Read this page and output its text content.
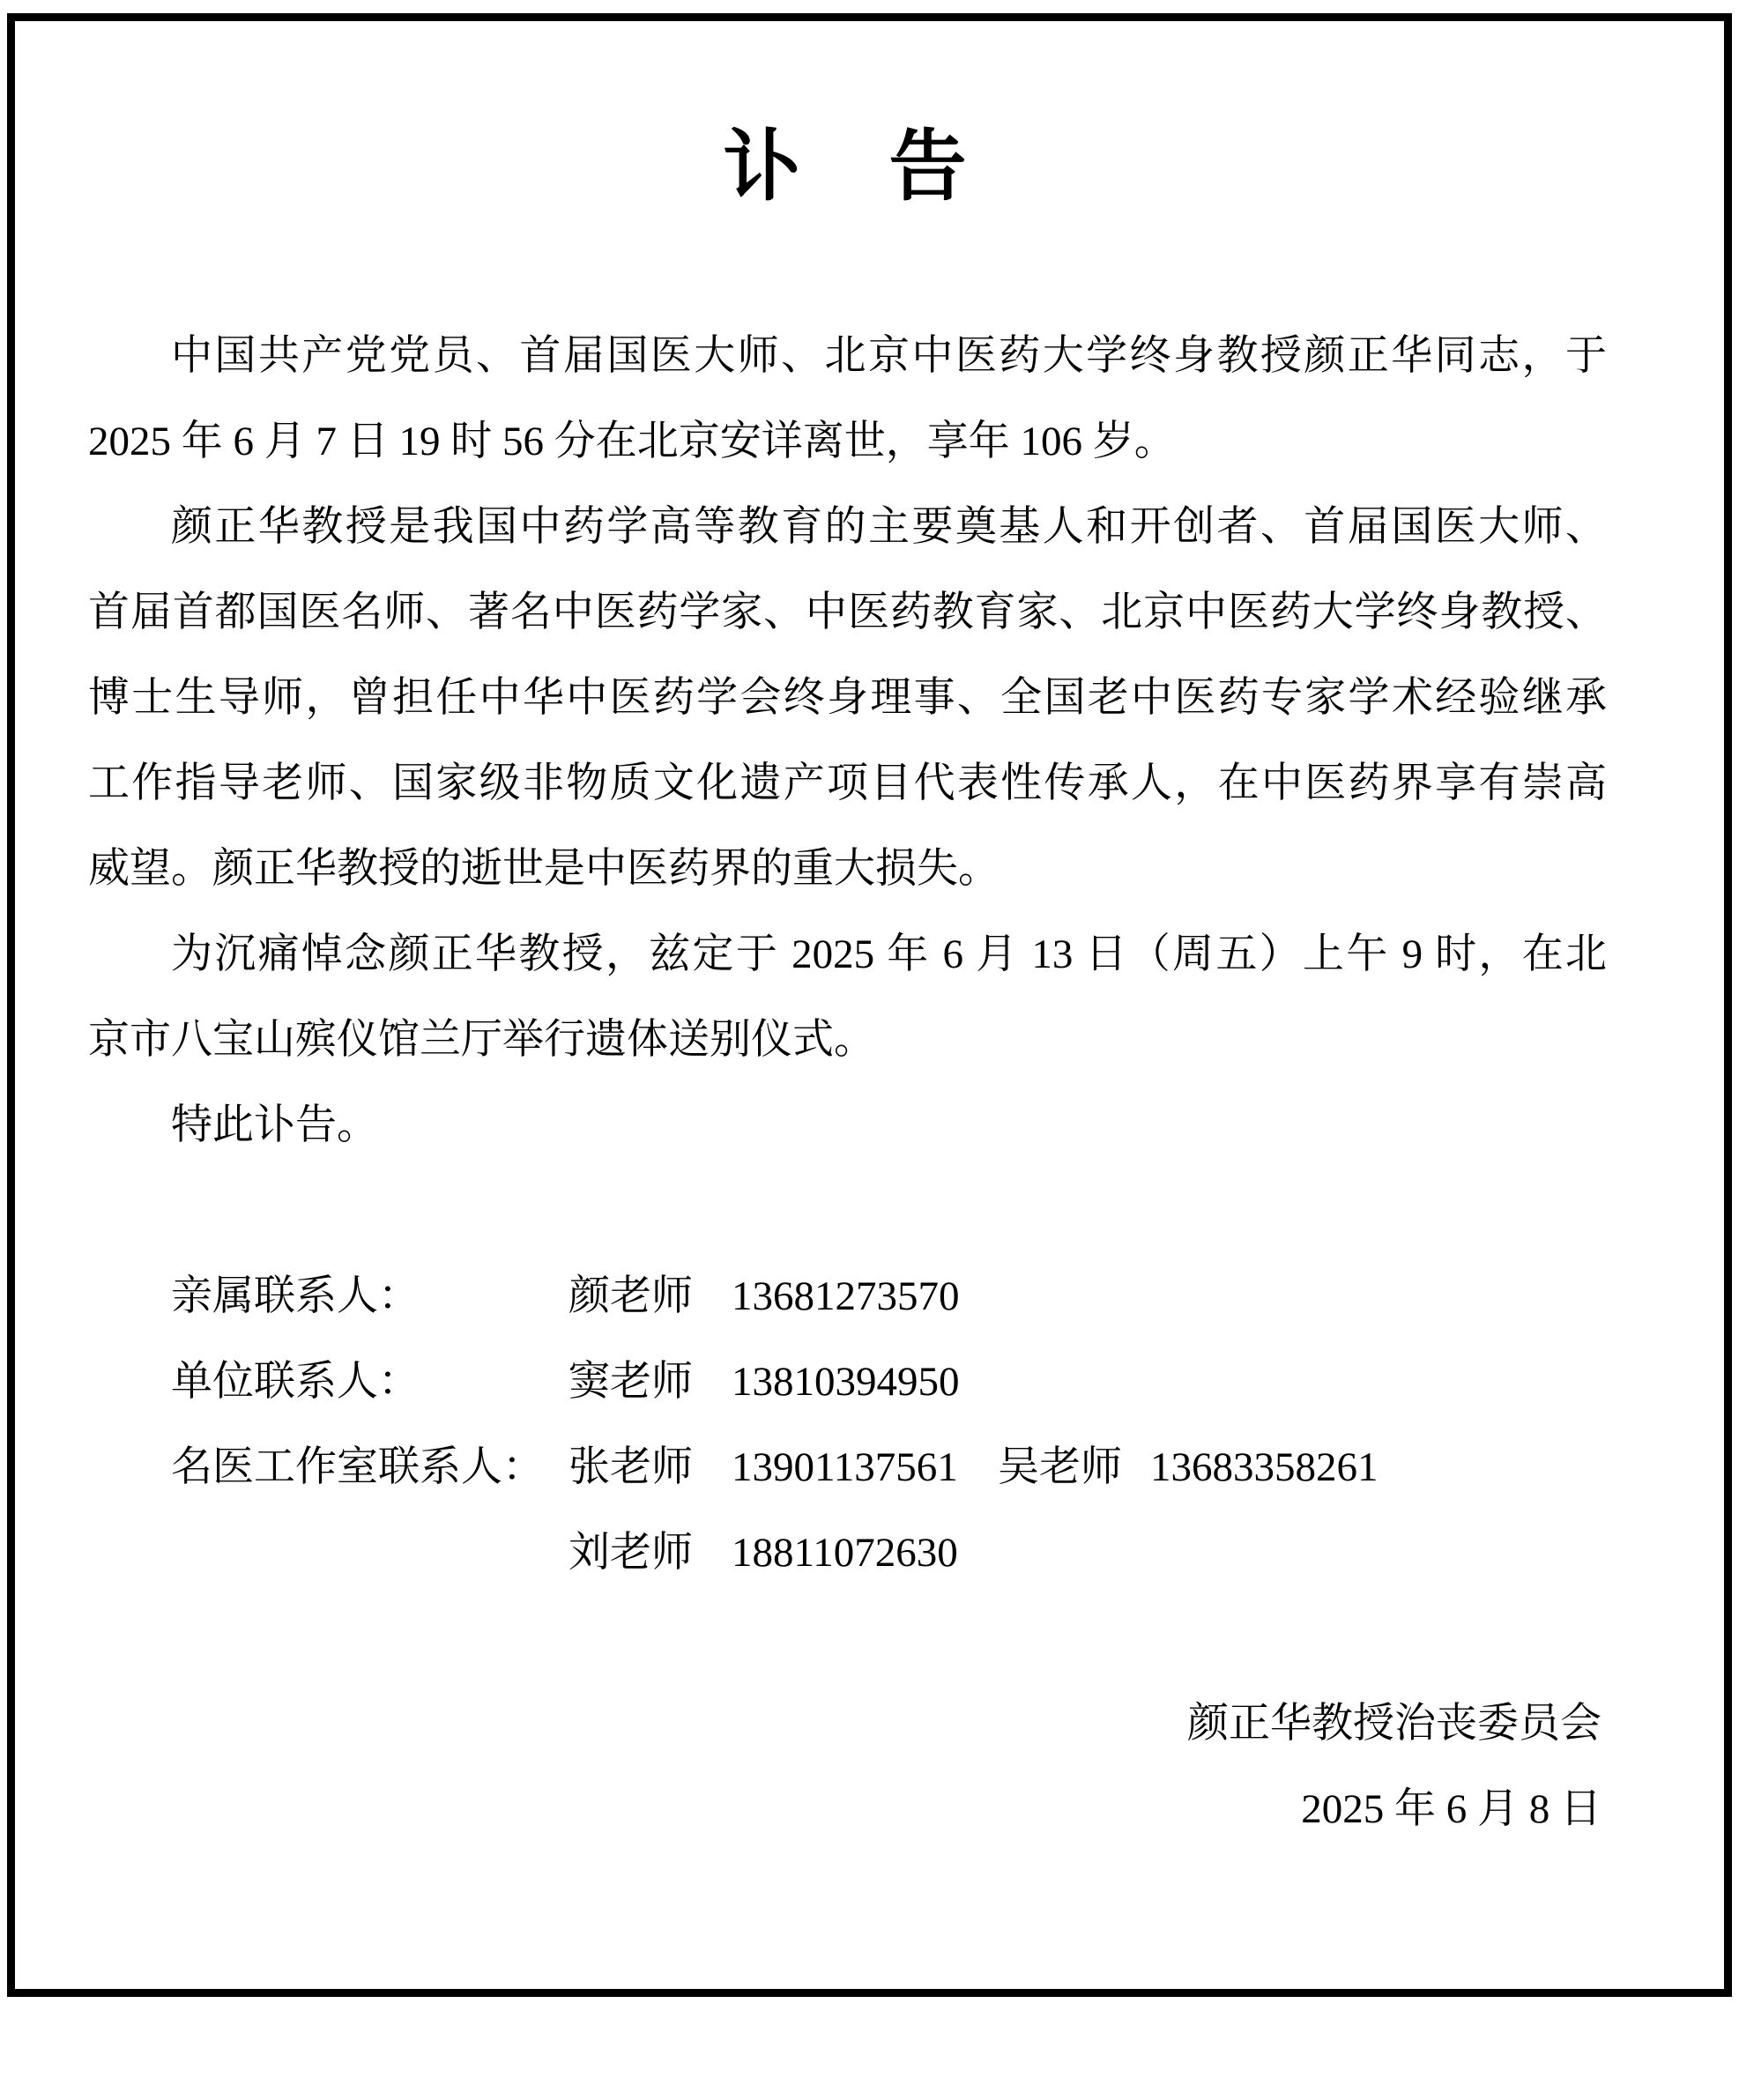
讣　告
中国共产党党员、首届国医大师、北京中医药大学终身教授颜正华同志，于
2025 年 6 月 7 日 19 时 56 分在北京安详离世，享年 106 岁。
颜正华教授是我国中药学高等教育的主要奠基人和开创者、首届国医大师、
首届首都国医名师、著名中医药学家、中医药教育家、北京中医药大学终身教授、
博士生导师，曾担任中华中医药学会终身理事、全国老中医药专家学术经验继承
工作指导老师、国家级非物质文化遗产项目代表性传承人，在中医药界享有崇高
威望。颜正华教授的逝世是中医药界的重大损失。
为沉痛悼念颜正华教授，兹定于 2025 年 6 月 13 日（周五）上午 9 时，在北
京市八宝山殡仪馆兰厅举行遗体送别仪式。
特此讣告。
亲属联系人：	颜老师 13681273570
单位联系人：	窦老师 13810394950
名医工作室联系人： 张老师 13901137561 吴老师 13683358261
刘老师 18811072630
颜正华教授治丧委员会
2025 年 6 月 8 日
